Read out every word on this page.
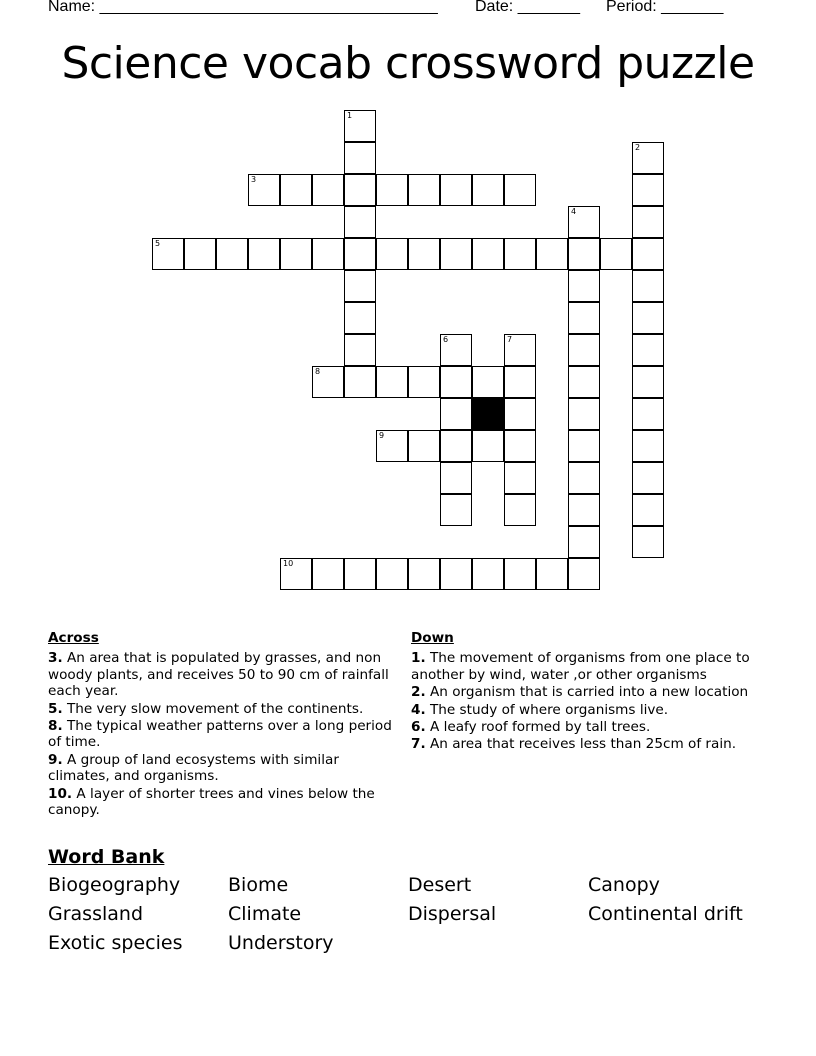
Name: ______________________________________ Date: _______ Period: _______
Science vocab crossword puzzle
3
5
8
9
10
1
2
4
6	7
Across
3. An area that is populated by grasses, and non woody plants, and receives 50 to 90 cm of rainfall each year.
5. The very slow movement of the continents.
8. The typical weather patterns over a long period of time.
9. A group of land ecosystems with similar climates, and organisms.
10. A layer of shorter trees and vines below the canopy.
Down
1. The movement of organisms from one place to another by wind, water ,or other organisms
2. An organism that is carried into a new location
4. The study of where organisms live.
6. A leafy roof formed by tall trees.
7. An area that receives less than 25cm of rain.
Word Bank
Biogeography	Biome	Desert	Canopy
Grassland	Climate	Dispersal	Continental drift
Exotic species	Understory
